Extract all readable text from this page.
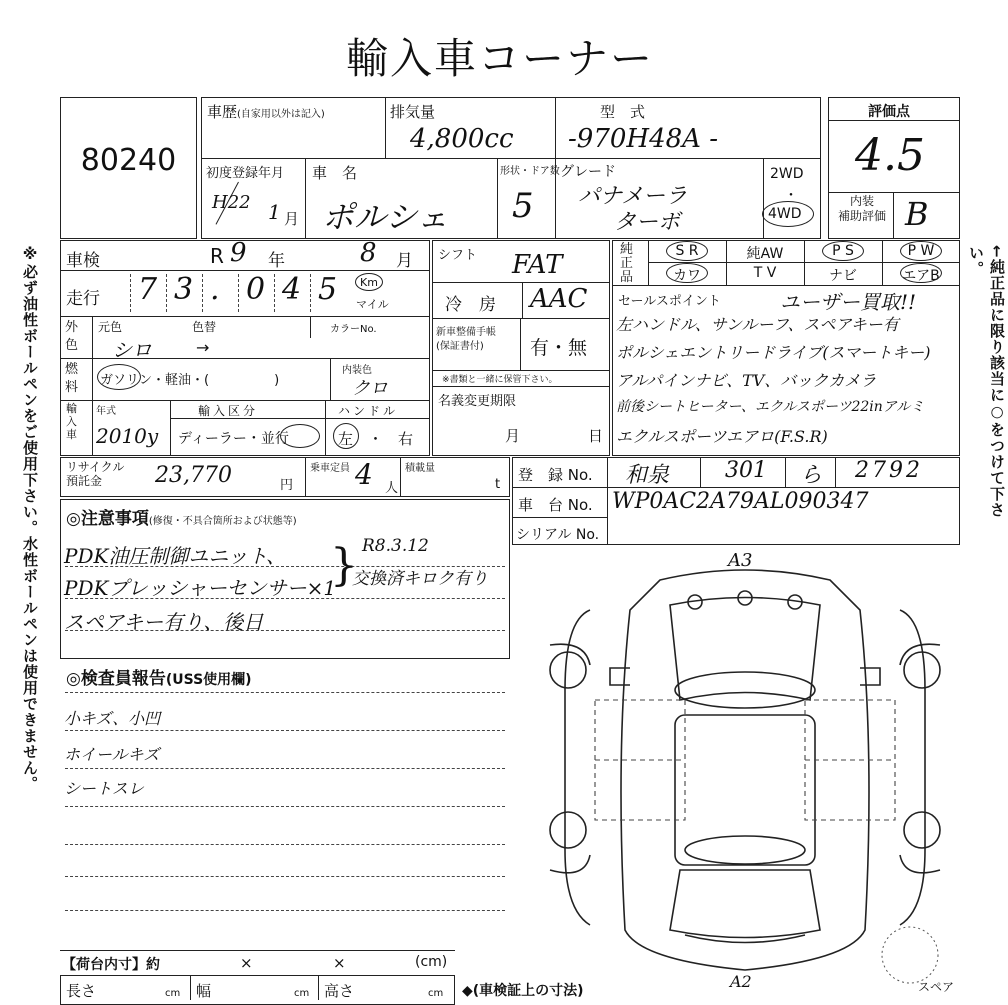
輸入車コーナー
※必ず油性ボールペンをご使用下さい。水性ボールペンは使用できません。	←純正品に限り該当に○をつけて下さい。
80240
評価点
4.5
内装
補助評価 B
車歴(自家用以外は記入)	排気量
4,800cc
型　式
-970H48A -
初度登録年月
H22 1 月
車　名
ポルシェ
形状・ドア数
5
グレード
パナメーラ
ターボ
2WD
・
4WD
車検	R 9 年	8 月
走行 7 3 . 0 4 5 Km
マイル
外
色
元色	色替	カラーNo.
シロ	→
燃
料	ガソリン・軽油・(　　　　　)
内装色
クロ
輸
入
車
年式
2010y
輸入区分
ディーラー・並行
ハンドル
左　・　右
シフト FAT
冷　房 AAC
新車整備手帳
(保証書付)	有・無
※書類と一緒に保管下さい。
名義変更期限
月	日
純
正
品
S R	純AW	P S	P W
カワ	T V	ナビ	エアB
セールスポイント	ユーザー買取!!
左ハンドル、サンルーフ、スペアキー有
ポルシェエントリードライブ(スマートキー)
アルパインナビ、TV、バックカメラ
前後シートヒーター、エクルスポーツ22inアルミ
エクルスポーツエアロ(F.S.R)
リサイクル
預託金	23,770	円
乗車定員 4 人
積載量
t
登　録 No. 和泉	301 ら 2792
車　台 No. WP0AC2A79AL090347
シリアル No.
◎注意事項(修復・不具合箇所および状態等)
PDK油圧制御ユニット、
PDKプレッシャーセンサー×1
スペアキー有り、後日
} R8.3.12
交換済キロク有り
◎検査員報告(USS使用欄)
小キズ、小凹
ホイールキズ
シートスレ
【荷台内寸】約	×	×	(cm)
長さ	cm 幅	cm 高さ	cm ◆(車検証上の寸法)
A3
A2	スペア
